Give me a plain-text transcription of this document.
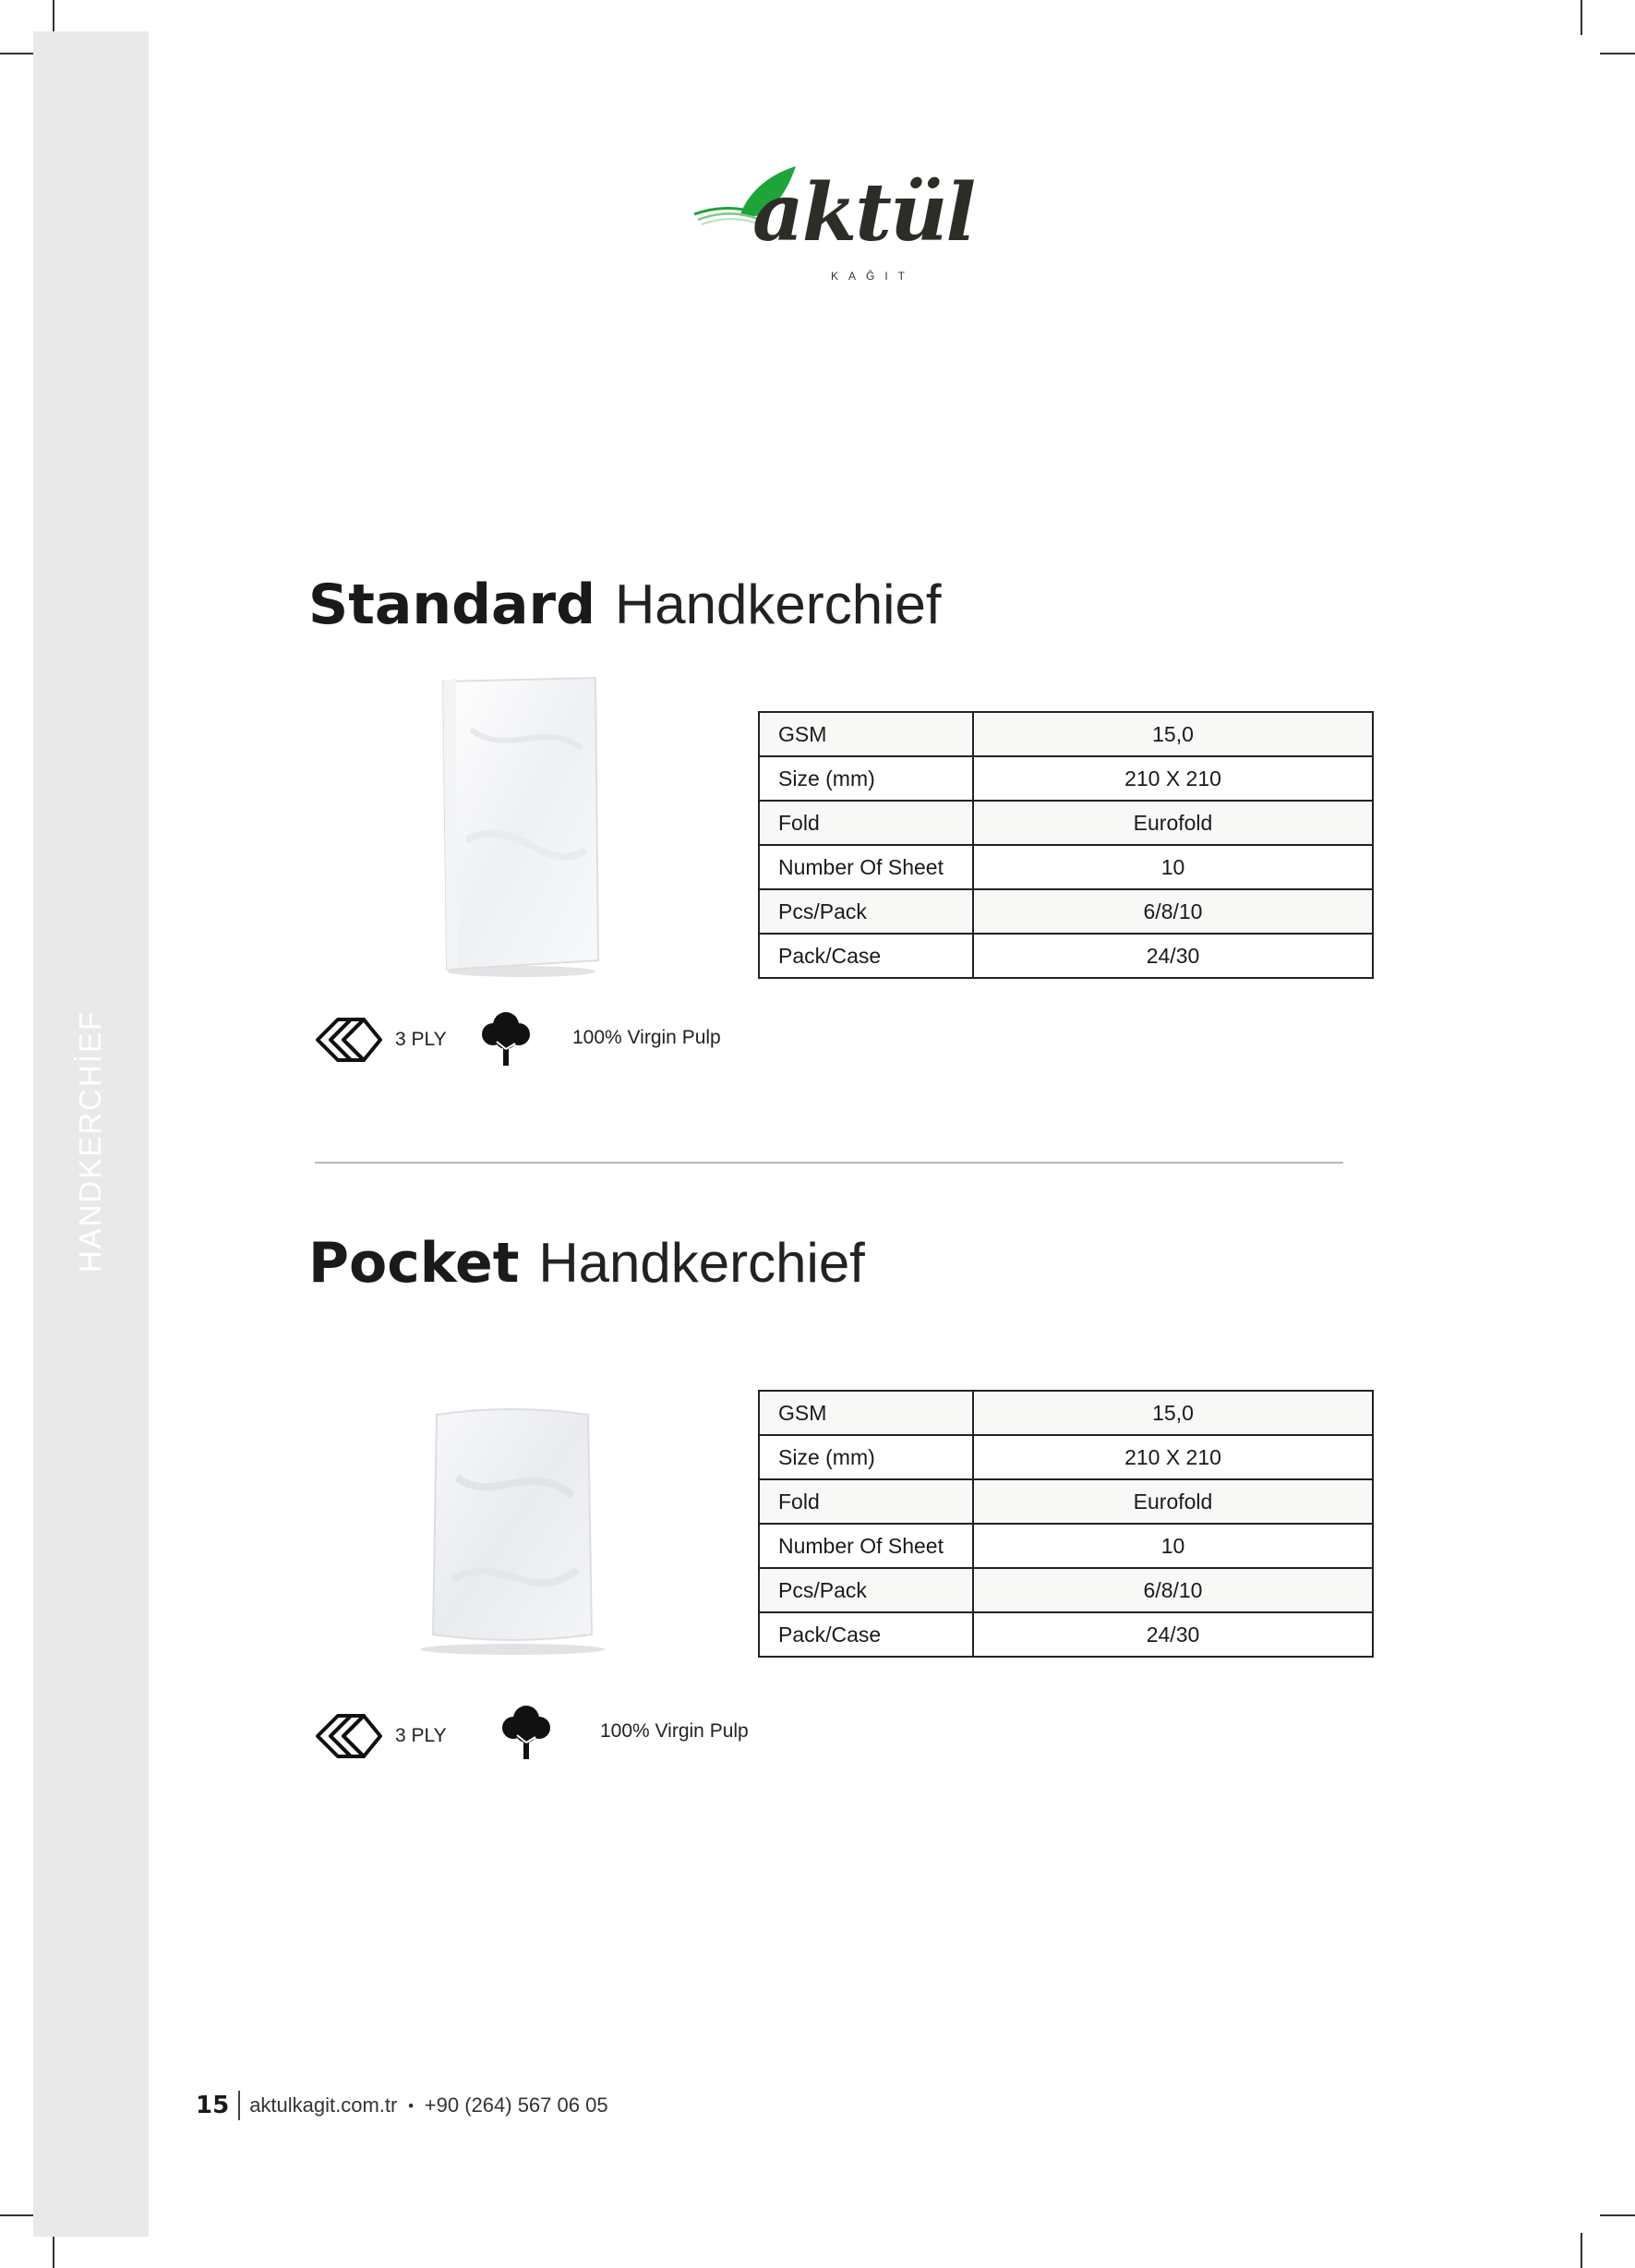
HANDKERCHİEF
aktül
KAĞIT
Standard Handkerchief
GSM	15,0
Size (mm)	210 X 210
Fold	Eurofold
Number Of Sheet	10
Pcs/Pack	6/8/10
Pack/Case	24/30
3 PLY	100% Virgin Pulp
Pocket Handkerchief
GSM	15,0
Size (mm)	210 X 210
Fold	Eurofold
Number Of Sheet	10
Pcs/Pack	6/8/10
Pack/Case	24/30
3 PLY	100% Virgin Pulp
15 aktulkagit.com.tr • +90 (264) 567 06 05
